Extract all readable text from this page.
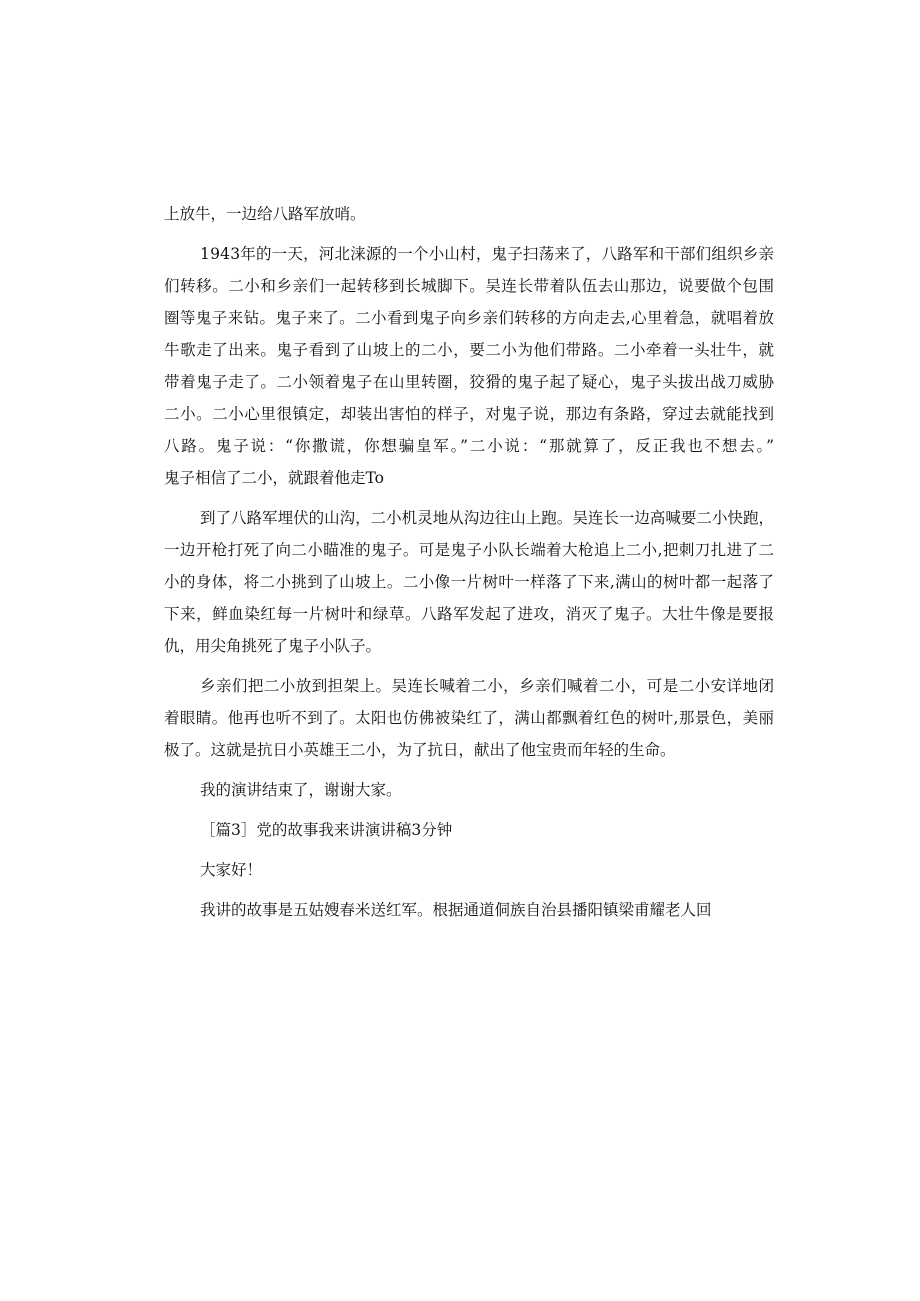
上放牛，一边给八路军放哨。
1943年的一天，河北涞源的一个小山村，鬼子扫荡来了，八路军和干部们组织乡亲
们转移。二小和乡亲们一起转移到长城脚下。吴连长带着队伍去山那边，说要做个包围
圈等鬼子来钻。鬼子来了。二小看到鬼子向乡亲们转移的方向走去,心里着急，就唱着放
牛歌走了出来。鬼子看到了山坡上的二小，要二小为他们带路。二小牵着一头壮牛，就
带着鬼子走了。二小领着鬼子在山里转圈，狡猾的鬼子起了疑心，鬼子头拔出战刀威胁
二小。二小心里很镇定，却装出害怕的样子，对鬼子说，那边有条路，穿过去就能找到
八路。鬼子说：“你撒谎，你想骗皇军。”二小说：“那就算了，反正我也不想去。”
鬼子相信了二小，就跟着他走To
到了八路军埋伏的山沟，二小机灵地从沟边往山上跑。吴连长一边高喊要二小快跑，
一边开枪打死了向二小瞄准的鬼子。可是鬼子小队长端着大枪追上二小,把刺刀扎进了二
小的身体，将二小挑到了山坡上。二小像一片树叶一样落了下来,满山的树叶都一起落了
下来，鲜血染红每一片树叶和绿草。八路军发起了进攻，消灭了鬼子。大壮牛像是要报
仇，用尖角挑死了鬼子小队子。
乡亲们把二小放到担架上。吴连长喊着二小，乡亲们喊着二小，可是二小安详地闭
着眼睛。他再也听不到了。太阳也仿佛被染红了，满山都飘着红色的树叶,那景色，美丽
极了。这就是抗日小英雄王二小，为了抗日，献出了他宝贵而年轻的生命。
我的演讲结束了，谢谢大家。
［篇3］党的故事我来讲演讲稿3分钟
大家好！
我讲的故事是五姑嫂春米送红军。根据通道侗族自治县播阳镇梁甫耀老人回
